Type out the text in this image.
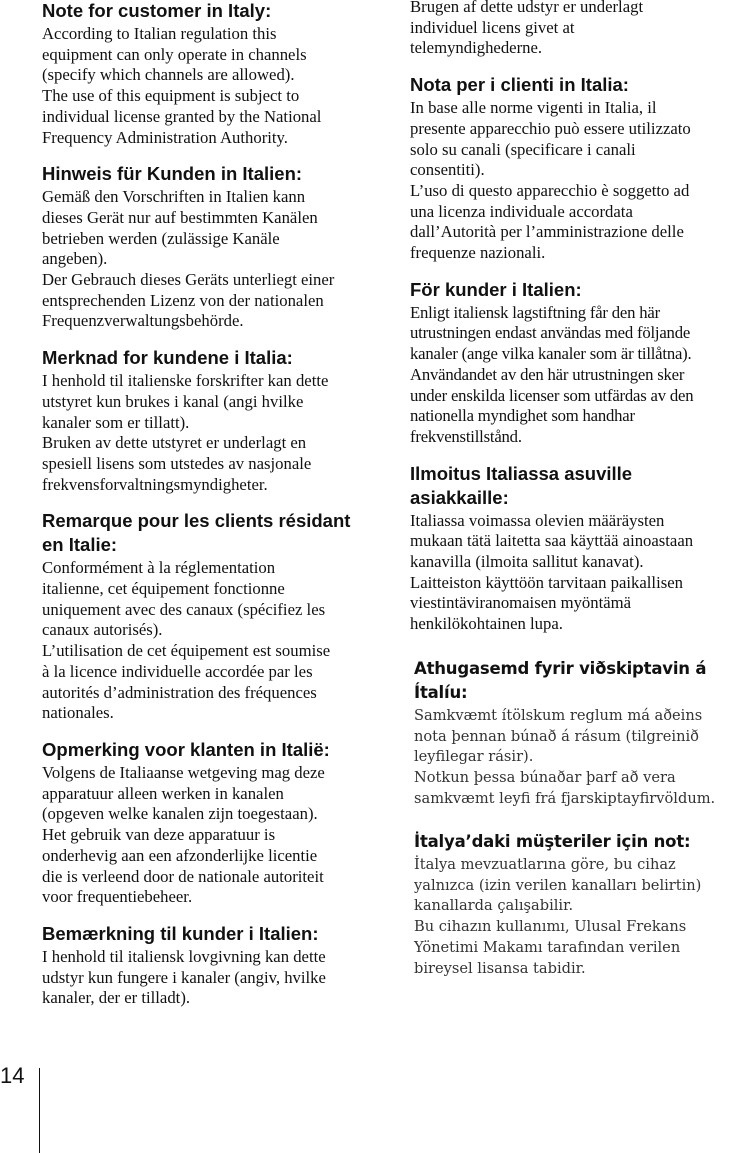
Note for customer in Italy:

According to Italian regulation this
equipment can only operate in channels
(specify which channels are allowed).
The use of this equipment is subject to
individual license granted by the National
Frequency Administration Authority.

Hinweis für Kunden in Italien:

Gemäß den Vorschriften in Italien kann
dieses Gerät nur auf bestimmten Kanälen
betrieben werden (zulässige Kanäle
angeben).
Der Gebrauch dieses Geräts unterliegt einer
entsprechenden Lizenz von der nationalen
Frequenzverwaltungsbehörde.

Merknad for kundene i Italia:

I henhold til italienske forskrifter kan dette
utstyret kun brukes i kanal (angi hvilke
kanaler som er tillatt).
Bruken av dette utstyret er underlagt en
spesiell lisens som utstedes av nasjonale
frekvensforvaltningsmyndigheter.

Remarque pour les clients résidant en Italie:

Conformément à la réglementation
italienne, cet équipement fonctionne
uniquement avec des canaux (spécifiez les
canaux autorisés).
L’utilisation de cet équipement est soumise
à la licence individuelle accordée par les
autorités d’administration des fréquences
nationales.

Opmerking voor klanten in Italië:

Volgens de Italiaanse wetgeving mag deze
apparatuur alleen werken in kanalen
(opgeven welke kanalen zijn toegestaan).
Het gebruik van deze apparatuur is
onderhevig aan een afzonderlijke licentie
die is verleend door de nationale autoriteit
voor frequentiebeheer.

Bemærkning til kunder i Italien:

I henhold til italiensk lovgivning kan dette
udstyr kun fungere i kanaler (angiv, hvilke
kanaler, der er tilladt).

Brugen af dette udstyr er underlagt
individuel licens givet at
telemyndighederne.

Nota per i clienti in Italia:

In base alle norme vigenti in Italia, il
presente apparecchio può essere utilizzato
solo su canali (specificare i canali
consentiti).
L’uso di questo apparecchio è soggetto ad
una licenza individuale accordata
dall’Autorità per l’amministrazione delle
frequenze nazionali.

För kunder i Italien:

Enligt italiensk lagstiftning får den här
utrustningen endast användas med följande
kanaler (ange vilka kanaler som är tillåtna).
Användandet av den här utrustningen sker
under enskilda licenser som utfärdas av den
nationella myndighet som handhar
frekvenstillstånd.

Ilmoitus Italiassa asuville asiakkaille:

Italiassa voimassa olevien määräysten
mukaan tätä laitetta saa käyttää ainoastaan
kanavilla (ilmoita sallitut kanavat).
Laitteiston käyttöön tarvitaan paikallisen
viestintäviranomaisen myöntämä
henkilökohtainen lupa.

Athugasemd fyrir viðskiptavin á Ítalíu:

Samkvæmt ítölskum reglum má aðeins
nota þennan búnað á rásum (tilgreinið
leyfilegar rásir).
Notkun þessa búnaðar þarf að vera
samkvæmt leyfi frá fjarskiptayfirvöldum.

İtalya’daki müşteriler için not:

İtalya mevzuatlarına göre, bu cihaz
yalnızca (izin verilen kanalları belirtin)
kanallarda çalışabilir.
Bu cihazın kullanımı, Ulusal Frekans
Yönetimi Makamı tarafından verilen
bireysel lisansa tabidir.

14
